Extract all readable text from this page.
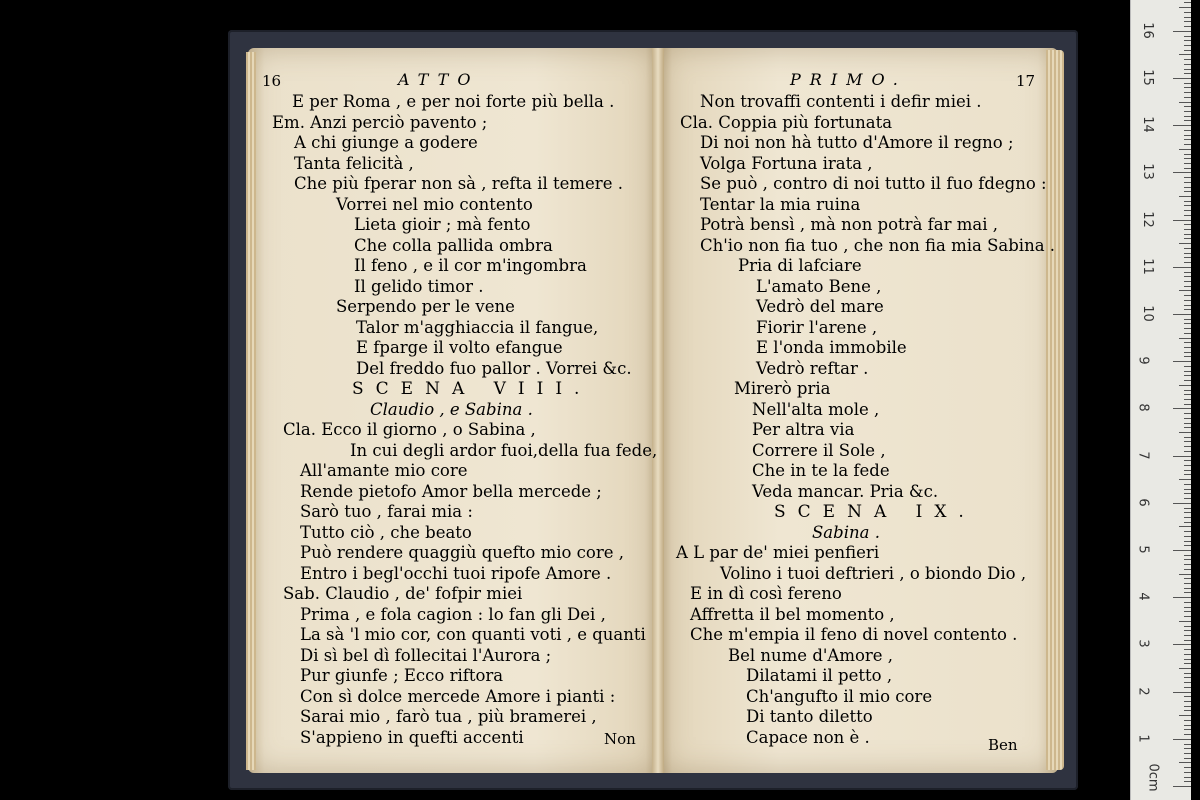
16	ATTO	PRIMO.	17
E per Roma , e per noi forte più bella .
Em. Anzi perciò pavento ;
A chi giunge a godere
Tanta felicità ,
Che più fperar non sà , refta il temere .
Vorrei nel mio contento
Lieta gioir ; mà fento
Che colla pallida ombra
Il feno , e il cor m'ingombra
Il gelido timor .
Serpendo per le vene
Talor m'agghiaccia il fangue,
E fparge il volto efangue
Del freddo fuo pallor . Vorrei &c.
SCENA VIII.
Claudio , e Sabina .
Cla. Ecco il giorno , o Sabina ,
In cui degli ardor fuoi,della fua fede,
All'amante mio core
Rende pietofo Amor bella mercede ;
Sarò tuo , farai mia :
Tutto ciò , che beato
Può rendere quaggiù quefto mio core ,
Entro i begl'occhi tuoi ripofe Amore .
Sab. Claudio , de' fofpir miei
Prima , e fola cagion : lo fan gli Dei ,
La sà 'l mio cor, con quanti voti , e quanti
Di sì bel dì follecitai l'Aurora ;
Pur giunfe ; Ecco riftora
Con sì dolce mercede Amore i pianti :
Sarai mio , farò tua , più bramerei ,
S'appieno in quefti accenti
Non trovaffi contenti i defir miei .
Cla. Coppia più fortunata
Di noi non hà tutto d'Amore il regno ;
Volga Fortuna irata ,
Se può , contro di noi tutto il fuo fdegno :
Tentar la mia ruina
Potrà bensì , mà non potrà far mai ,
Ch'io non fia tuo , che non fia mia Sabina .
Pria di lafciare
L'amato Bene ,
Vedrò del mare
Fiorir l'arene ,
E l'onda immobile
Vedrò reftar .
Mirerò pria
Nell'alta mole ,
Per altra via
Correre il Sole ,
Che in te la fede
Veda mancar. Pria &c.
SCENA IX.
Sabina .
A L par de' miei penfieri
Volino i tuoi deftrieri , o biondo Dio ,
E in dì così fereno
Affretta il bel momento ,
Che m'empia il feno di novel contento .
Bel nume d'Amore ,
Dilatami il petto ,
Ch'angufto il mio core
Di tanto diletto
Capace non è .
Non	Ben
0cm
1
2
3
4
5
6
7
8
9
10
11
12
13
14
15
16
